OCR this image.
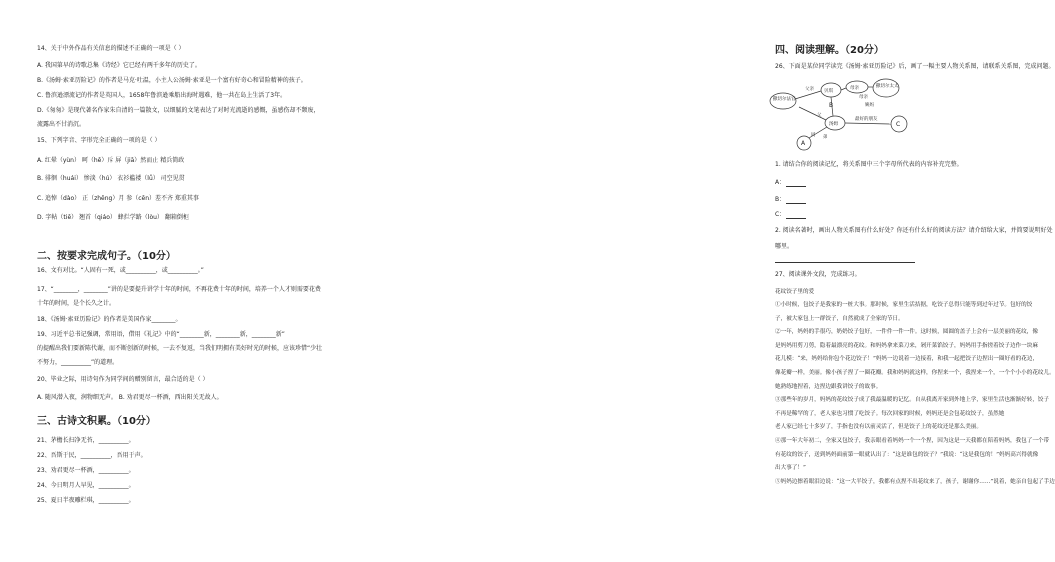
14、关于中外作品有关信息的描述不正确的一项是（ ）
A. 我国第早的诗歌总集《诗经》它已经有两千多年的历史了。
B.《汤姆·索亚历险记》的作者是马克·吐温，小主人公汤姆·索亚是一个富有好奇心和冒险精神的孩子。
C. 鲁滨逊漂流记的作者是英国人，1658年鲁滨逊乘船出海时遇难，他一共在岛上生活了3年。
D.《匆匆》是现代著名作家朱自清的一篇散文，以细腻的文笔表达了对时光流逝的感慨，虽感伤却不颓废，
流露出不甘消沉。
15、下列字音、字形完全正确的一项的是（ ）
A. 红晕（yùn） 呵（hē）斥 屏（jiā）然而止 精兵简政
B. 徘徊（huái） 惨淡（hú） 衣衫褴褛（lǚ） 司空见贯
C. 追悼（dào） 正（zhēng）月 参（cēn）差不齐 郑重其事
D. 字帖（tiē） 翘首（qiáo） 蜂拦学路（lòu） 翻箱倒柜
二、按要求完成句子。（10分）
16、文有对比。“人固有一死，或__________，或__________。”
17、“________，________”讲的是要提升讲学十年的时间，不再花费十年的时间，培养一个人才则需要花费
十年的时间，是个长久之计。
18、《汤姆·索亚历险记》的作者是美国作家________。
19、习近平总书记强调，常用语，借用《礼记》中的“________新，________新，________新”
的提醒出我们要新陈代谢，而不断创新的时候，一去不复返，当我们明拥有美好时光的时候，应该珍惜“少壮
不努力，__________”的道理。
20、毕业之际，用诗句作为同学间的赠别留言，最合适的是（ ）
A. 随风潜入夜，润物细无声。 B. 劝君更尽一杯酒，西出阳关无故人。
三、古诗文积累。（10分）
21、茅檐长扫净无苔，__________。
22、吾斯于民，__________，吾用于声。
23、劝君更尽一杯酒，__________。
24、今日明月人早见，__________。
25、夏日半夜雕栏琪，__________。
四、阅读理解。（20分）
26、下面是某位同学读完《汤姆·索亚历险记》后，画了一幅主要人物关系图，请联系关系图，完成问题。
撒切尔法官
贝琪
母亲	撒切尔太太
汤姆
A
B
C
父亲
父
母亲
同
最好的朋友
姨妈
弟
1. 请结合你的阅读记忆，将关系图中三个字母所代表的内容补充完整。
A：
B：
C：
2. 阅读名著时，画出人物关系图有什么好处？你还有什么好的阅读方法？请介绍给大家，并简要说明好处
哪里。
27、阅读课外文段，完成练习。
花纹饺子里的爱
①小时候，包饺子是我家的一桩大事。那时候，家里生活拮据，吃饺子总得只能等到过年过节。包好的饺
子，被大家包上一群饺子，自然就成了全家的节日。
②一年，妈妈的手很巧，奶奶饺子包好，一件件一件一件。这时候，圆圆的盖子上会有一层美丽的花纹，像
是妈妈用剪刀剪，隐着最漂亮的花纹。和妈妈拿来菜刀来，剁开菜馅饺子，妈妈用手指搓着饺子边作一块麻
花儿模：“来，妈妈给你包个花边饺子！”妈妈一边说着一边接着，和我一起把饺子边捏出一圈好看的花边，
像花瓣一样，美丽。像小孩子捏了一圈花瓣。我和妈妈就这样，你捏来一个，我捏来一个，一个个小小的花纹儿。
她熟练地捏着，边捏边跟我讲饺子的故事。
③那些年的岁月，妈妈的花纹饺子成了我最温暖的记忆。自从我离开家到外地上学，家里生活也渐渐好转，饺子
不再是稀罕的了，老人家也习惯了吃饺子。每次回家的时候，妈妈还是会包花纹饺子，虽然她
老人家已经七十多岁了，手指也没有以前灵活了，但是饺子上的花纹还是那么美丽。
④那一年大年初二，全家又包饺子，我亲眼看着妈妈一个一个捏，因为这是一天我都在陪着妈妈，我包了一个带
有花纹的饺子，送到妈妈面前第一眼就认出了：“这是谁包的饺子？”我说：“这是我包的！”妈妈高兴得就像
出大事了！”
⑤妈妈边擦着眼泪边说：“这一大半饺子，我都有点捏不出花纹来了，孩子，谢谢你……”说着，她亲自包起了手边
